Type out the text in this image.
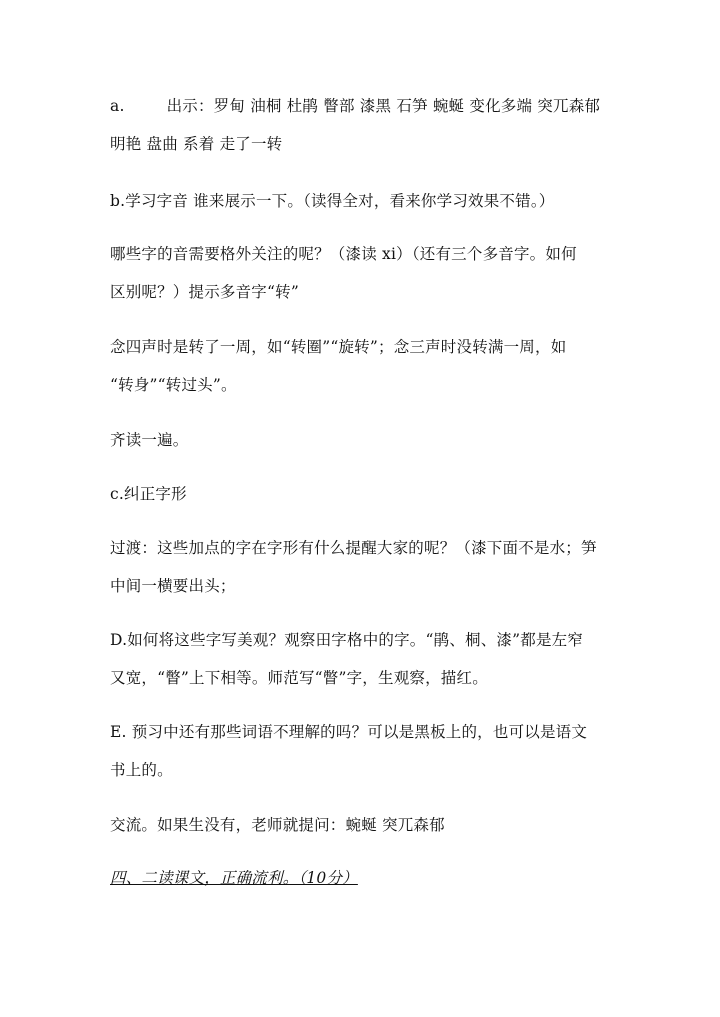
a.	出示：罗甸 油桐 杜鹃 瞥部 漆黑 石笋 蜿蜒 变化多端 突兀森郁
明艳 盘曲 系着 走了一转
b.学习字音 谁来展示一下。（读得全对，看来你学习效果不错。）
哪些字的音需要格外关注的呢？（漆读 xi）（还有三个多音字。如何
区别呢？）提示多音字“转”
念四声时是转了一周，如“转圈”“旋转”；念三声时没转满一周，如
“转身”“转过头”。
齐读一遍。
c.纠正字形
过渡：这些加点的字在字形有什么提醒大家的呢？（漆下面不是水；笋
中间一横要出头；
D.如何将这些字写美观？观察田字格中的字。“鹃、桐、漆”都是左窄
又宽，“瞥”上下相等。师范写“瞥”字，生观察，描红。
E. 预习中还有那些词语不理解的吗？可以是黑板上的，也可以是语文
书上的。
交流。如果生没有，老师就提问：蜿蜒 突兀森郁
四、二读课文，正确流利。（10分）
